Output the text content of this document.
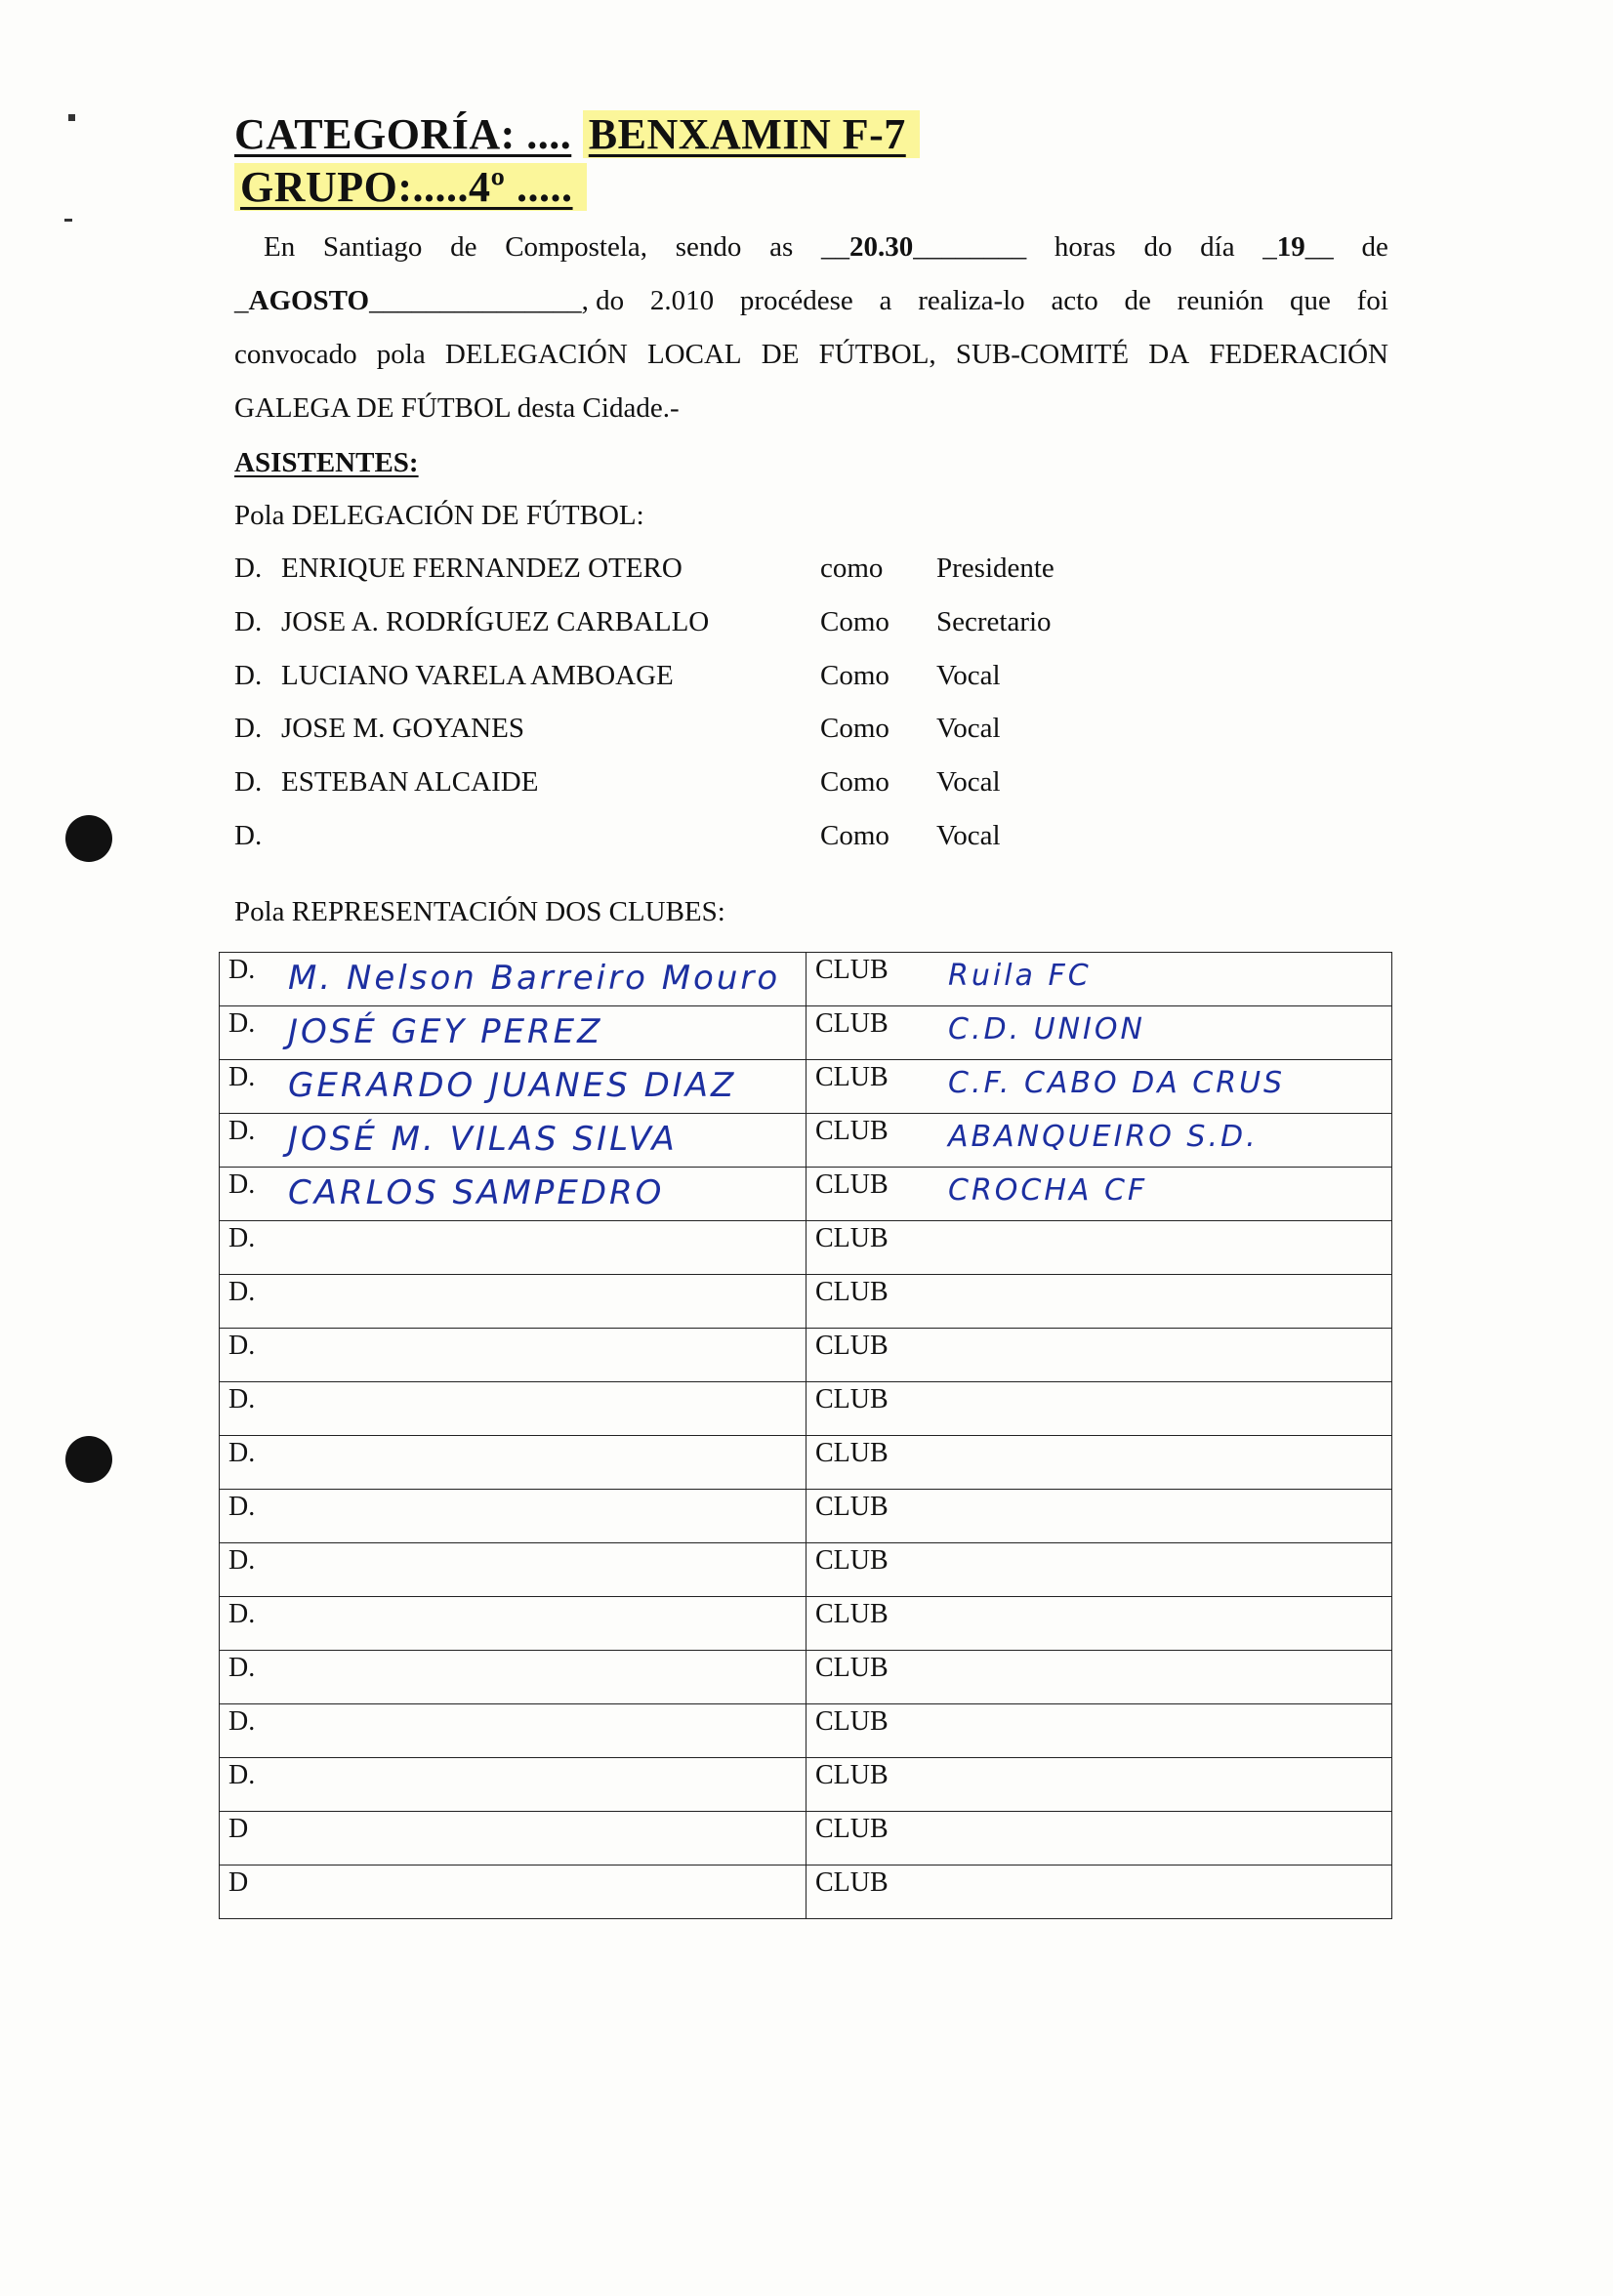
CATEGORÍA: .... BENXAMIN F-7
GRUPO:.....4º .....
En Santiago de Compostela, sendo as __20.30________ horas do día _19__ de
_AGOSTO_______________, do 2.010 procédese a realiza-lo acto de reunión que foi
convocado pola DELEGACIÓN LOCAL DE FÚTBOL, SUB-COMITÉ DA FEDERACIÓN
GALEGA DE FÚTBOL desta Cidade.-
ASISTENTES:
Pola DELEGACIÓN DE FÚTBOL:
D. ENRIQUE FERNANDEZ OTERO	como Presidente
D. JOSE A. RODRÍGUEZ CARBALLO	Como Secretario
D. LUCIANO VARELA AMBOAGE	Como Vocal
D. JOSE M. GOYANES	Como Vocal
D. ESTEBAN ALCAIDE	Como Vocal
D.	Como Vocal
Pola REPRESENTACIÓN DOS CLUBES:
D. M. Nelson Barreiro Mouro	CLUB Ruila FC

D. JOSÉ GEY PEREZ	CLUB C.D. UNION

D. GERARDO JUANES DIAZ	CLUB C.F. CABO DA CRUS

D. JOSÉ M. VILAS SILVA	CLUB ABANQUEIRO S.D.

D. CARLOS SAMPEDRO	CLUB CROCHA CF

D.	CLUB

D.	CLUB

D.	CLUB

D.	CLUB

D.	CLUB

D.	CLUB

D.	CLUB

D.	CLUB

D.	CLUB

D.	CLUB

D.	CLUB

D	CLUB

D	CLUB
